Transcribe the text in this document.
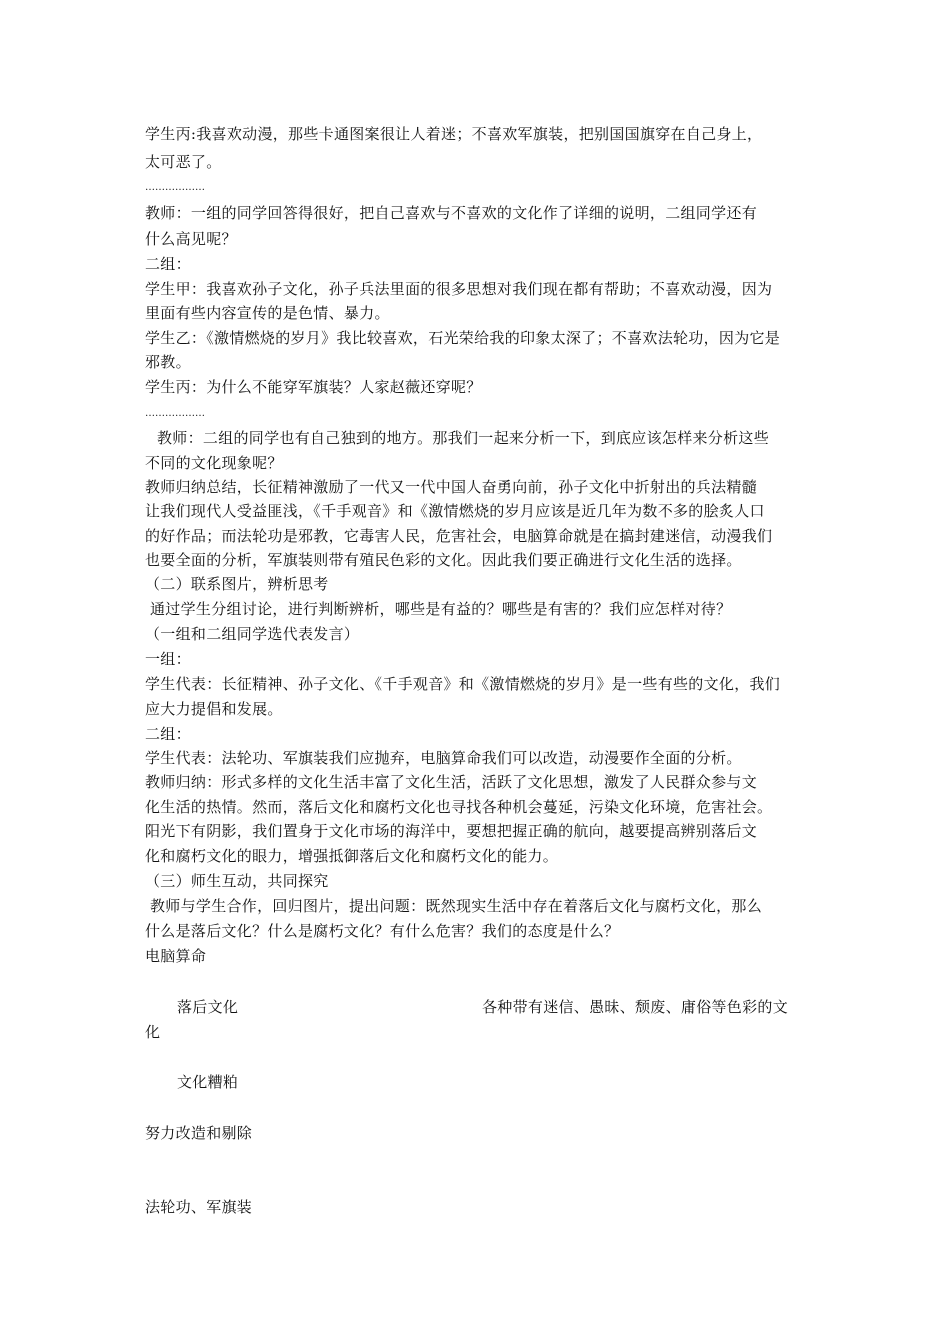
学生丙:我喜欢动漫，那些卡通图案很让人着迷；不喜欢军旗装，把别国国旗穿在自己身上，
太可恶了。
………………
教师：一组的同学回答得很好，把自己喜欢与不喜欢的文化作了详细的说明，二组同学还有
什么高见呢？
二组：
学生甲：我喜欢孙子文化，孙子兵法里面的很多思想对我们现在都有帮助；不喜欢动漫，因为
里面有些内容宣传的是色情、暴力。
学生乙：《激情燃烧的岁月》我比较喜欢，石光荣给我的印象太深了；不喜欢法轮功，因为它是
邪教。
学生丙：为什么不能穿军旗装？人家赵薇还穿呢？
………………
教师：二组的同学也有自己独到的地方。那我们一起来分析一下，到底应该怎样来分析这些
不同的文化现象呢？
教师归纳总结，长征精神激励了一代又一代中国人奋勇向前，孙子文化中折射出的兵法精髓
让我们现代人受益匪浅，《千手观音》和《激情燃烧的岁月应该是近几年为数不多的脍炙人口
的好作品；而法轮功是邪教，它毒害人民，危害社会，电脑算命就是在搞封建迷信，动漫我们
也要全面的分析，军旗装则带有殖民色彩的文化。因此我们要正确进行文化生活的选择。
（二）联系图片，辨析思考
通过学生分组讨论，进行判断辨析，哪些是有益的？哪些是有害的？我们应怎样对待？
（一组和二组同学选代表发言）
一组：
学生代表：长征精神、孙子文化、《千手观音》和《激情燃烧的岁月》是一些有些的文化，我们
应大力提倡和发展。
二组：
学生代表：法轮功、军旗装我们应抛弃，电脑算命我们可以改造，动漫要作全面的分析。
教师归纳：形式多样的文化生活丰富了文化生活，活跃了文化思想，激发了人民群众参与文
化生活的热情。然而，落后文化和腐朽文化也寻找各种机会蔓延，污染文化环境，危害社会。
阳光下有阴影，我们置身于文化市场的海洋中，要想把握正确的航向，越要提高辨别落后文
化和腐朽文化的眼力，增强抵御落后文化和腐朽文化的能力。
（三）师生互动，共同探究
教师与学生合作，回归图片，提出问题：既然现实生活中存在着落后文化与腐朽文化，那么
什么是落后文化？什么是腐朽文化？有什么危害？我们的态度是什么？
电脑算命
落后文化	各种带有迷信、愚昧、颓废、庸俗等色彩的文
化
文化糟粕
努力改造和剔除
法轮功、军旗装
